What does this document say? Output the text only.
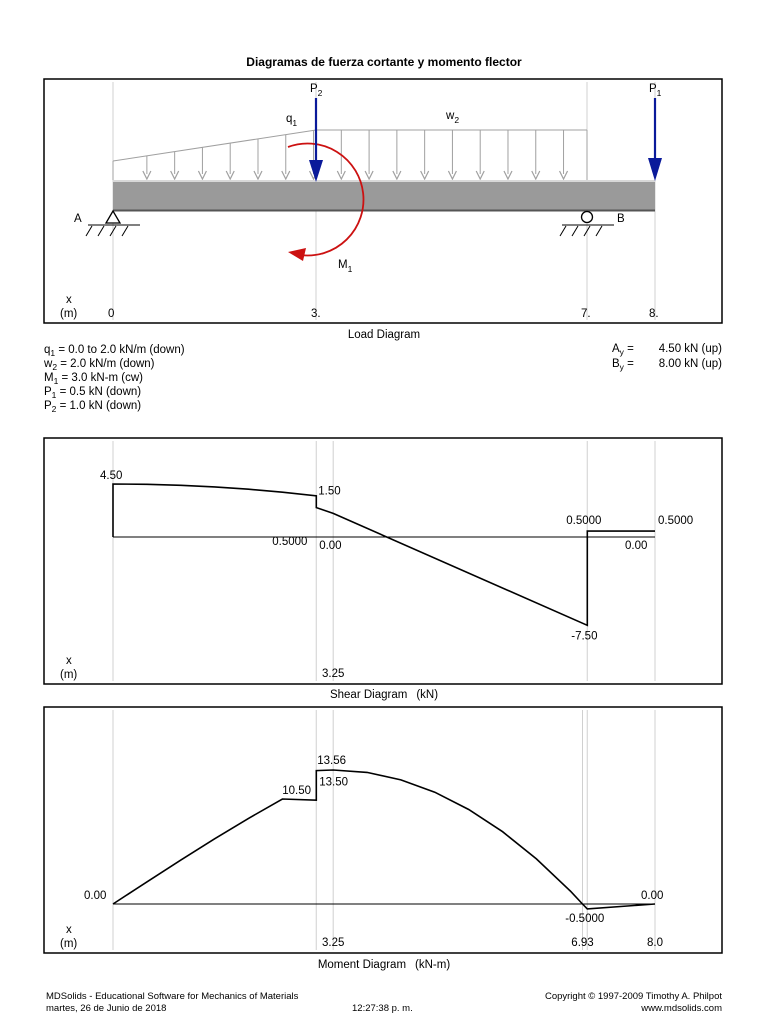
Diagramas de fuerza cortante y momento flector
A	B
$M_1$
$P_2$	$P_1$
$q_1$
$w_2$
x
(m)	0	3.	7.	8.
Load Diagram
$q_1 = 0.0$ to 2.0 kN/m (down)
$w_2 = 2.0$ kN/m (down)
$M_1 = 3.0$ kN-m (cw)
$P_1 = 0.5$ kN (down)
$P_2 = 1.0$ kN (down)
$A_y = 4.50$ kN (up)
$B_y = 8.00$ kN (up)
4.50
1.50
0.5000 0.00
-7.50
0.5000
0.00
0.5000
3.25
x
(m)
Shear Diagram (kN)
0.00
10.50
13.56
13.50
-0.5000
0.00
3.25	6.93	8.0
x
(m)
Moment Diagram (kN-m)
MDSolids - Educational Software for Mechanics of Materials
martes, 26 de Junio de 2018	12:27:38 p. m.
Copyright © 1997-2009 Timothy A. Philpot
www.mdsolids.com
